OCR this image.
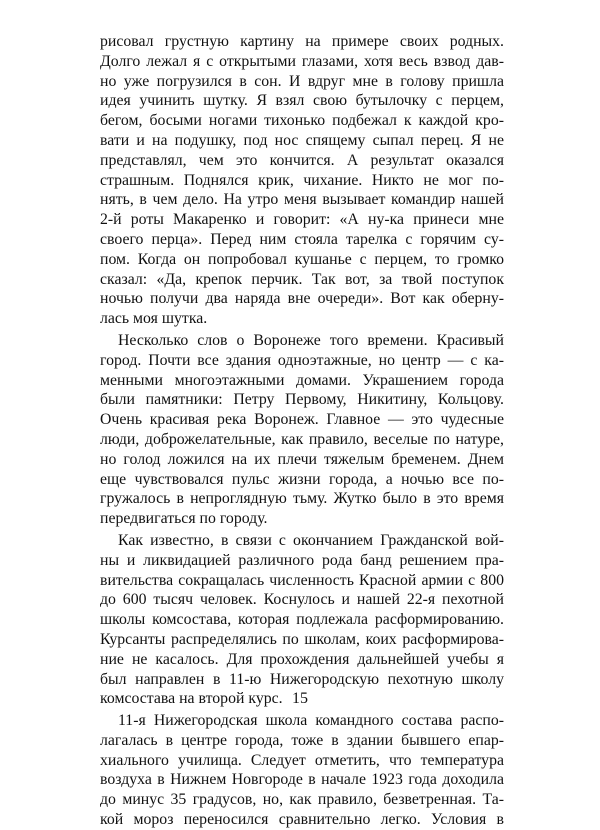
рисовал грустную картину на примере своих родных.
Долго лежал я с открытыми глазами, хотя весь взвод дав-
но уже погрузился в сон. И вдруг мне в голову пришла
идея учинить шутку. Я взял свою бутылочку с перцем,
бегом, босыми ногами тихонько подбежал к каждой кро-
вати и на подушку, под нос спящему сыпал перец. Я не
представлял, чем это кончится. А результат оказался
страшным. Поднялся крик, чихание. Никто не мог по-
нять, в чем дело. На утро меня вызывает командир нашей
2-й роты Макаренко и говорит: «А ну-ка принеси мне
своего перца». Перед ним стояла тарелка с горячим су-
пом. Когда он попробовал кушанье с перцем, то громко
сказал: «Да, крепок перчик. Так вот, за твой поступок
ночью получи два наряда вне очереди». Вот как оберну-
лась моя шутка.
Несколько слов о Воронеже того времени. Красивый
город. Почти все здания одноэтажные, но центр — с ка-
менными многоэтажными домами. Украшением города
были памятники: Петру Первому, Никитину, Кольцову.
Очень красивая река Воронеж. Главное — это чудесные
люди, доброжелательные, как правило, веселые по натуре,
но голод ложился на их плечи тяжелым бременем. Днем
еще чувствовался пульс жизни города, а ночью все по-
гружалось в непроглядную тьму. Жутко было в это время
передвигаться по городу.
Как известно, в связи с окончанием Гражданской вой-
ны и ликвидацией различного рода банд решением пра-
вительства сокращалась численность Красной армии с 800
до 600 тысяч человек. Коснулось и нашей 22-я пехотной
школы комсостава, которая подлежала расформированию.
Курсанты распределялись по школам, коих расформирова-
ние не касалось. Для прохождения дальнейшей учебы я
был направлен в 11-ю Нижегородскую пехотную школу
комсостава на второй курс.
11-я Нижегородская школа командного состава распо-
лагалась в центре города, тоже в здании бывшего епар-
хиального училища. Следует отметить, что температура
воздуха в Нижнем Новгороде в начале 1923 года доходила
до минус 35 градусов, но, как правило, безветренная. Та-
кой мороз переносился сравнительно легко. Условия в
15
